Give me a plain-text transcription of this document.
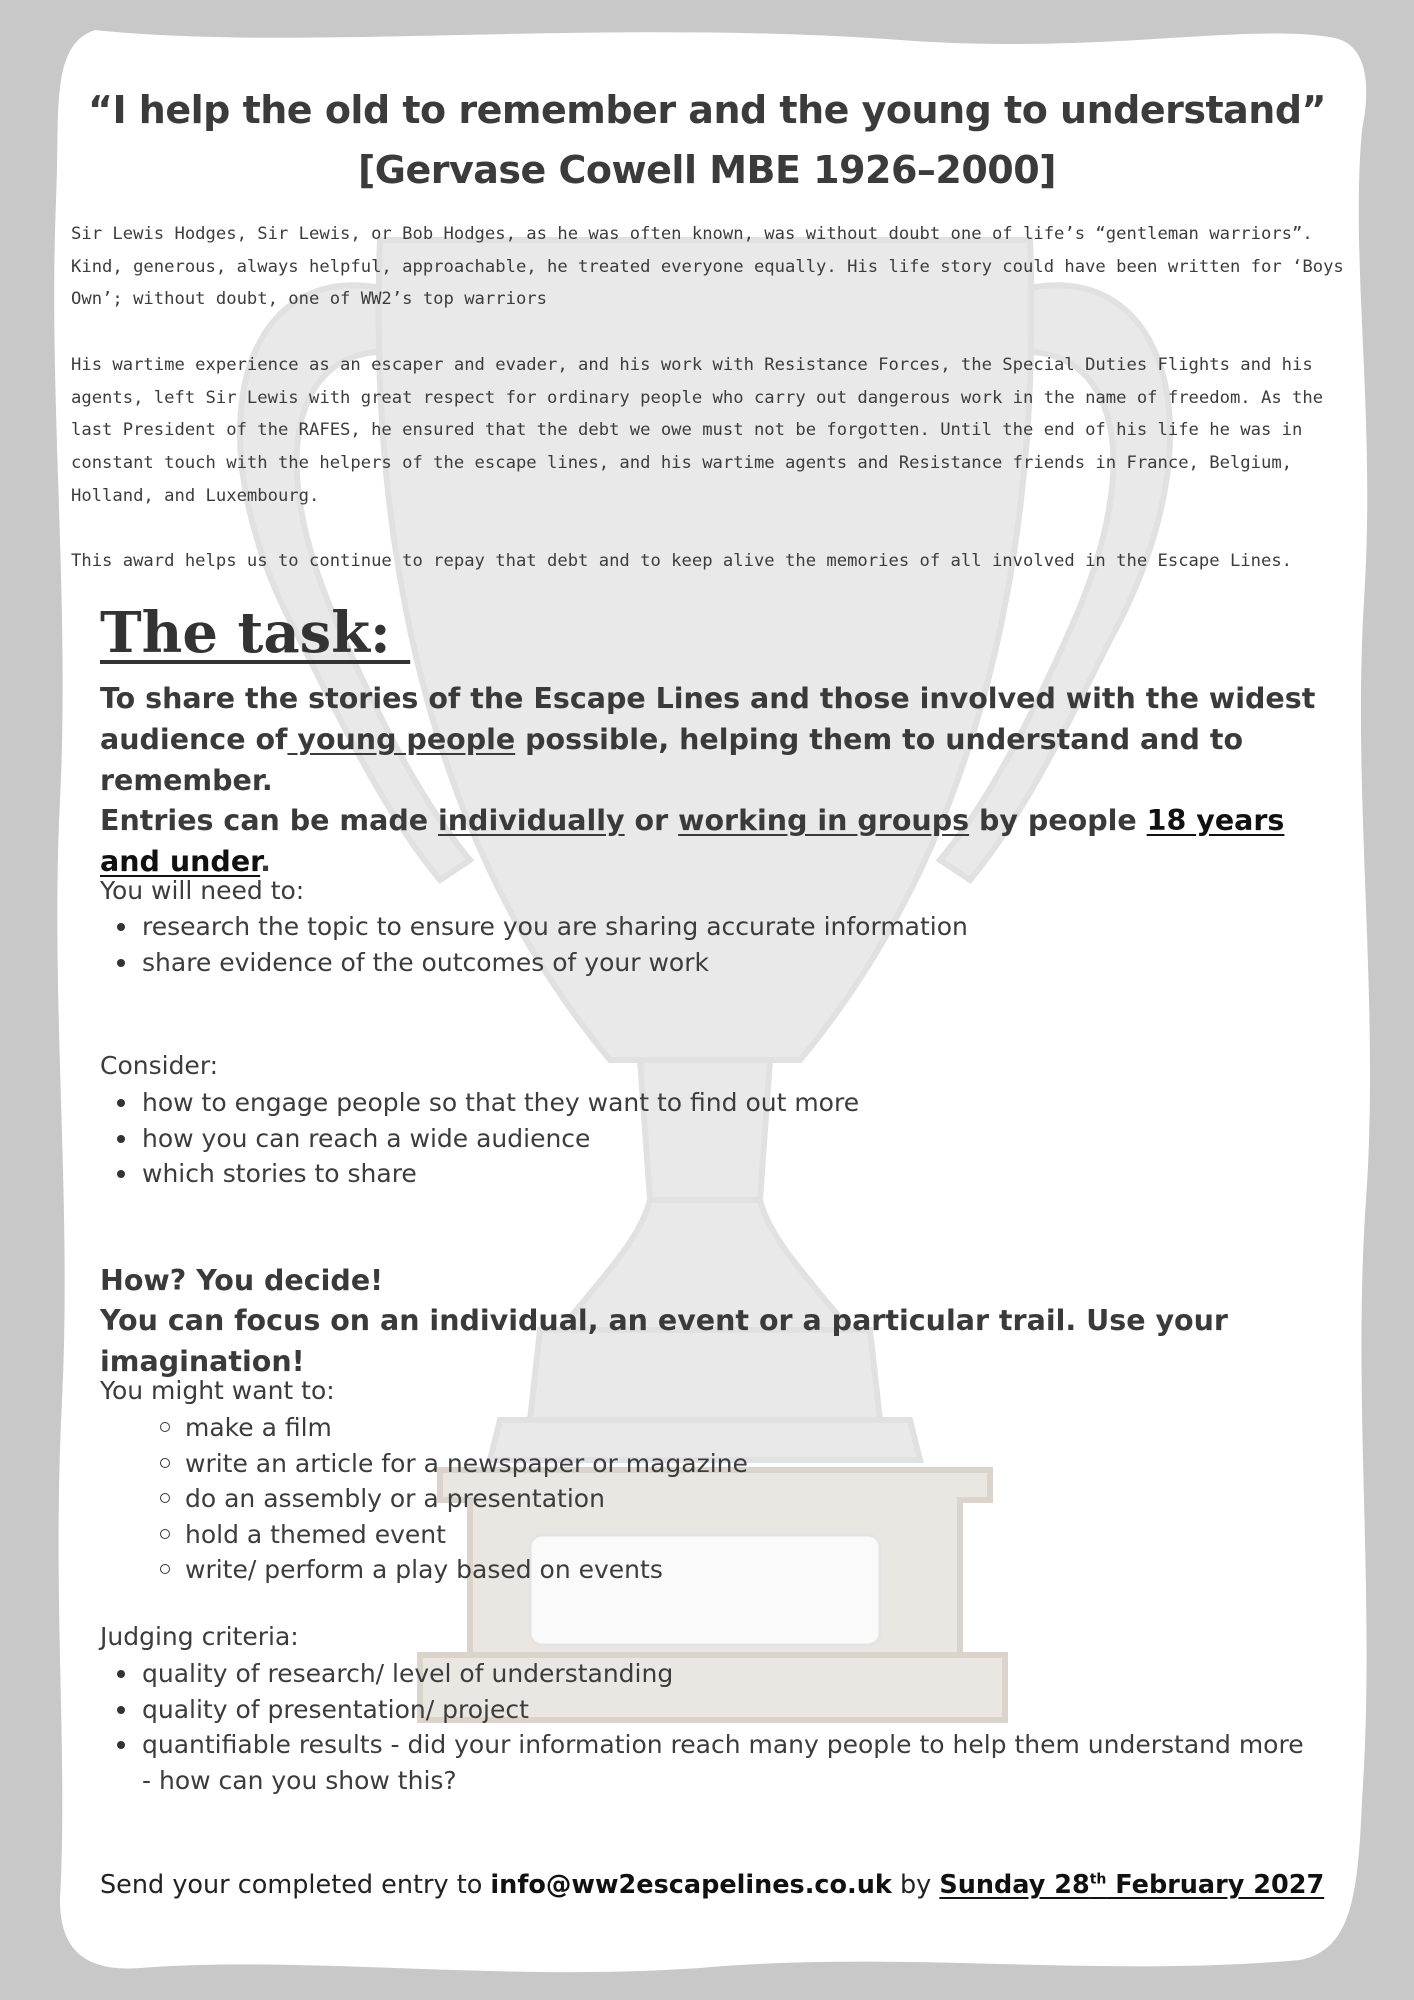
“I help the old to remember and the young to understand”
[Gervase Cowell MBE 1926–2000]

Sir Lewis Hodges, Sir Lewis, or Bob Hodges, as he was often known, was without doubt one of life’s “gentleman warriors”. Kind, generous, always helpful, approachable, he treated everyone equally. His life story could have been written for ‘Boys Own’; without doubt, one of WW2’s top warriors

His wartime experience as an escaper and evader, and his work with Resistance Forces, the Special Duties Flights and his agents, left Sir Lewis with great respect for ordinary people who carry out dangerous work in the name of freedom. As the last President of the RAFES, he ensured that the debt we owe must not be forgotten. Until the end of his life he was in constant touch with the helpers of the escape lines, and his wartime agents and Resistance friends in France, Belgium, Holland, and Luxembourg.

This award helps us to continue to repay that debt and to keep alive the memories of all involved in the Escape Lines.

The task:

To share the stories of the Escape Lines and those involved with the widest audience of young people possible, helping them to understand and to remember.

Entries can be made individually or working in groups by people 18 years and under.

You will need to:

research the topic to ensure you are sharing accurate information
share evidence of the outcomes of your work

Consider:

how to engage people so that they want to find out more
how you can reach a wide audience
which stories to share

How? You decide!

You can focus on an individual, an event or a particular trail. Use your imagination!

You might want to:

make a film
write an article for a newspaper or magazine
do an assembly or a presentation
hold a themed event
write/ perform a play based on events

Judging criteria:

quality of research/ level of understanding
quality of presentation/ project
quantifiable results - did your information reach many people to help them understand more - how can you show this?

Send your completed entry to info@ww2escapelines.co.uk by Sunday 28th February 2027
